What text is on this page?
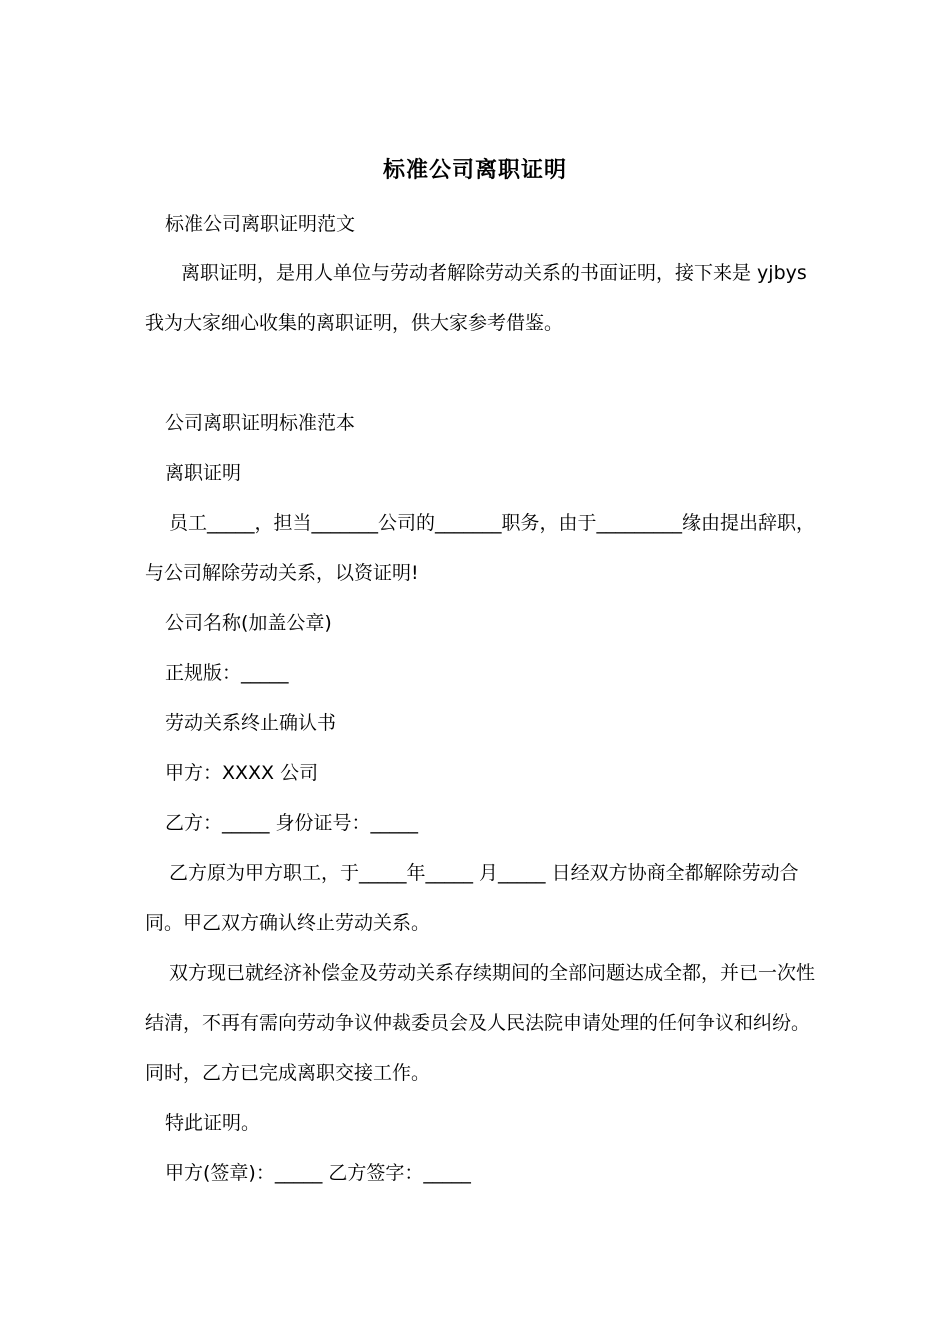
标准公司离职证明
标准公司离职证明范文
离职证明，是用人单位与劳动者解除劳动关系的书面证明，接下来是 yjbys 我为大家细心收集的离职证明，供大家参考借鉴。
公司离职证明标准范本
离职证明
员工_____，担当_______公司的_______职务，由于_________缘由提出辞职，与公司解除劳动关系，以资证明!
公司名称(加盖公章)
正规版：_____
劳动关系终止确认书
甲方：XXXX 公司
乙方：_____ 身份证号：_____
乙方原为甲方职工，于_____年_____ 月_____ 日经双方协商全都解除劳动合同。甲乙双方确认终止劳动关系。
双方现已就经济补偿金及劳动关系存续期间的全部问题达成全都，并已一次性结清，不再有需向劳动争议仲裁委员会及人民法院申请处理的任何争议和纠纷。同时，乙方已完成离职交接工作。
特此证明。
甲方(签章)：_____ 乙方签字：_____
